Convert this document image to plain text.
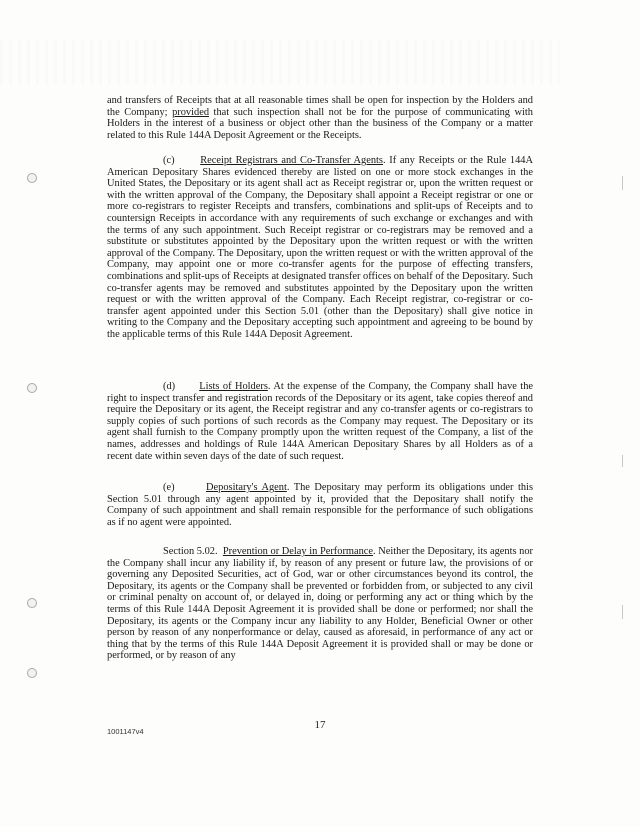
and transfers of Receipts that at all reasonable times shall be open for inspection by the Holders and the Company; provided that such inspection shall not be for the purpose of communicating with Holders in the interest of a business or object other than the business of the Company or a matter related to this Rule 144A Deposit Agreement or the Receipts.

(c) Receipt Registrars and Co-Transfer Agents. If any Receipts or the Rule 144A American Depositary Shares evidenced thereby are listed on one or more stock exchanges in the United States, the Depositary or its agent shall act as Receipt registrar or, upon the written request or with the written approval of the Company, the Depositary shall appoint a Receipt registrar or one or more co-registrars to register Receipts and transfers, combinations and split-ups of Receipts and to countersign Receipts in accordance with any requirements of such exchange or exchanges and with the terms of any such appointment. Such Receipt registrar or co-registrars may be removed and a substitute or substitutes appointed by the Depositary upon the written request or with the written approval of the Company. The Depositary, upon the written request or with the written approval of the Company, may appoint one or more co-transfer agents for the purpose of effecting transfers, combinations and split-ups of Receipts at designated transfer offices on behalf of the Depositary. Such co-transfer agents may be removed and substitutes appointed by the Depositary upon the written request or with the written approval of the Company. Each Receipt registrar, co-registrar or co-transfer agent appointed under this Section 5.01 (other than the Depositary) shall give notice in writing to the Company and the Depositary accepting such appointment and agreeing to be bound by the applicable terms of this Rule 144A Deposit Agreement.

(d) Lists of Holders. At the expense of the Company, the Company shall have the right to inspect transfer and registration records of the Depositary or its agent, take copies thereof and require the Depositary or its agent, the Receipt registrar and any co-transfer agents or co-registrars to supply copies of such portions of such records as the Company may request. The Depositary or its agent shall furnish to the Company promptly upon the written request of the Company, a list of the names, addresses and holdings of Rule 144A American Depositary Shares by all Holders as of a recent date within seven days of the date of such request.

(e)	Depositary's Agent. The Depositary may perform its obligations under this Section 5.01 through any agent appointed by it, provided that the Depositary shall notify the Company of such appointment and shall remain responsible for the performance of such obligations as if no agent were appointed.

Section 5.02. Prevention or Delay in Performance. Neither the Depositary, its agents nor the Company shall incur any liability if, by reason of any present or future law, the provisions of or governing any Deposited Securities, act of God, war or other circumstances beyond its control, the Depositary, its agents or the Company shall be prevented or forbidden from, or subjected to any civil or criminal penalty on account of, or delayed in, doing or performing any act or thing which by the terms of this Rule 144A Deposit Agreement it is provided shall be done or performed; nor shall the Depositary, its agents or the Company incur any liability to any Holder, Beneficial Owner or other person by reason of any nonperformance or delay, caused as aforesaid, in performance of any act or thing that by the terms of this Rule 144A Deposit Agreement it is provided shall or may be done or performed, or by reason of any

17
1001147v4
